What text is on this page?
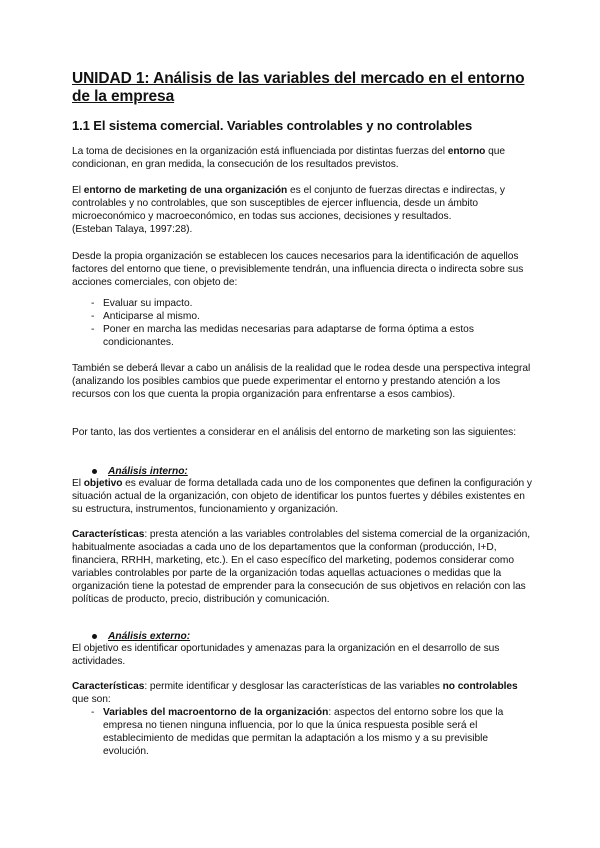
UNIDAD 1: Análisis de las variables del mercado en el entorno de la empresa
1.1 El sistema comercial. Variables controlables y no controlables
La toma de decisiones en la organización está influenciada por distintas fuerzas del entorno que condicionan, en gran medida, la consecución de los resultados previstos.
El entorno de marketing de una organización es el conjunto de fuerzas directas e indirectas, y controlables y no controlables, que son susceptibles de ejercer influencia, desde un ámbito microeconómico y macroeconómico, en todas sus acciones, decisiones y resultados.
(Esteban Talaya, 1997:28).
Desde la propia organización se establecen los cauces necesarios para la identificación de aquellos factores del entorno que tiene, o previsiblemente tendrán, una influencia directa o indirecta sobre sus acciones comerciales, con objeto de:
- Evaluar su impacto.
- Anticiparse al mismo.
- Poner en marcha las medidas necesarias para adaptarse de forma óptima a estos condicionantes.
También se deberá llevar a cabo un análisis de la realidad que le rodea desde una perspectiva integral (analizando los posibles cambios que puede experimentar el entorno y prestando atención a los recursos con los que cuenta la propia organización para enfrentarse a esos cambios).
Por tanto, las dos vertientes a considerar en el análisis del entorno de marketing son las siguientes:
Análisis interno:
El objetivo es evaluar de forma detallada cada uno de los componentes que definen la configuración y situación actual de la organización, con objeto de identificar los puntos fuertes y débiles existentes en su estructura, instrumentos, funcionamiento y organización.
Características: presta atención a las variables controlables del sistema comercial de la organización, habitualmente asociadas a cada uno de los departamentos que la conforman (producción, I+D, financiera, RRHH, marketing, etc.). En el caso específico del marketing, podemos considerar como variables controlables por parte de la organización todas aquellas actuaciones o medidas que la organización tiene la potestad de emprender para la consecución de sus objetivos en relación con las políticas de producto, precio, distribución y comunicación.
Análisis externo:
El objetivo es identificar oportunidades y amenazas para la organización en el desarrollo de sus actividades.
Características: permite identificar y desglosar las características de las variables no controlables que son:
- Variables del macroentorno de la organización: aspectos del entorno sobre los que la empresa no tienen ninguna influencia, por lo que la única respuesta posible será el establecimiento de medidas que permitan la adaptación a los mismo y a su previsible evolución.
